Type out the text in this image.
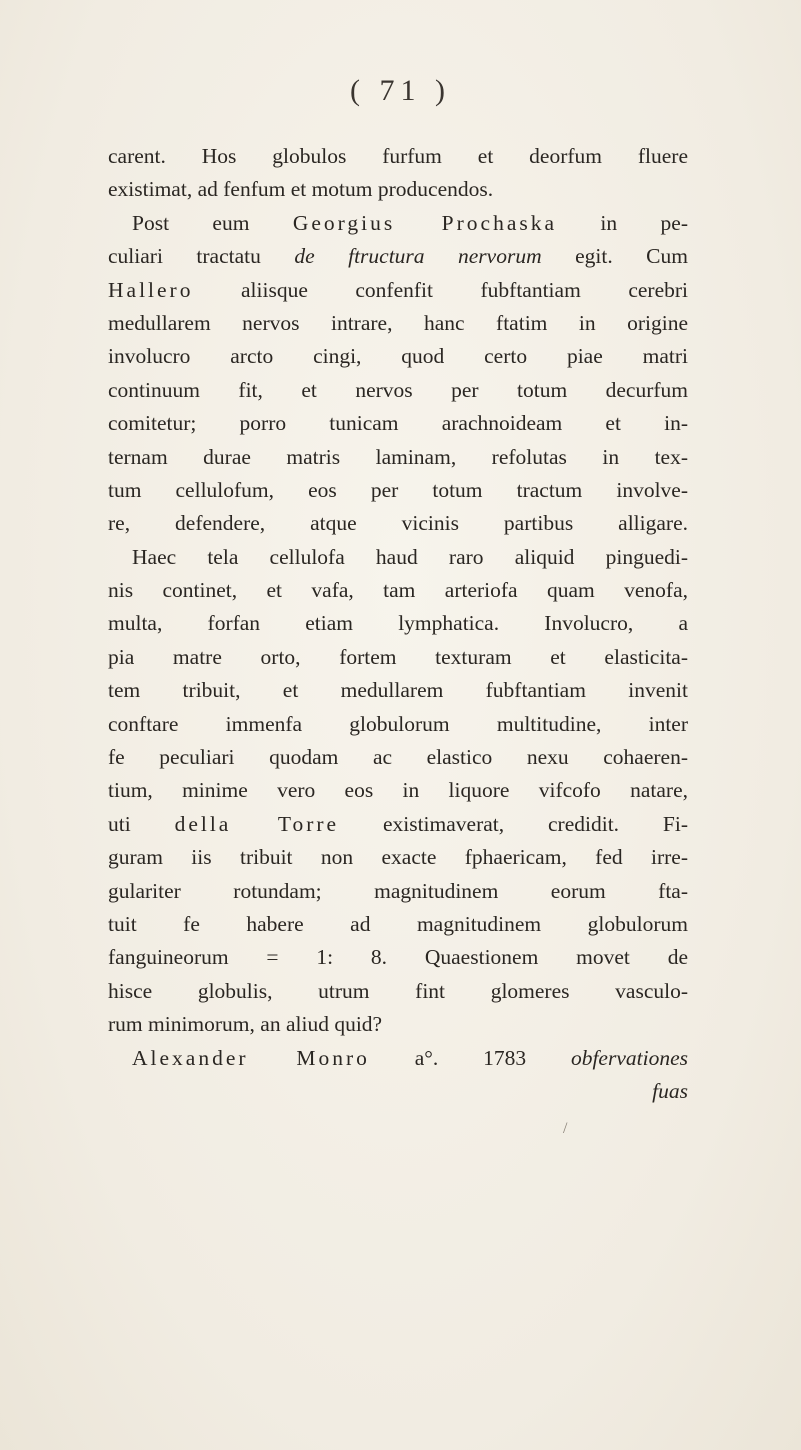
( 71 )
carent. Hos globulos furfum et deorfum fluere
existimat, ad fenfum et motum producendos.
Post eum Georgius Prochaska in pe-
culiari tractatu de ftructura nervorum egit. Cum
Hallero aliisque confenfit fubftantiam cerebri
medullarem nervos intrare, hanc ftatim in origine
involucro arcto cingi, quod certo piae matri
continuum fit, et nervos per totum decurfum
comitetur; porro tunicam arachnoideam et in-
ternam durae matris laminam, refolutas in tex-
tum cellulofum, eos per totum tractum involve-
re, defendere, atque vicinis partibus alligare.
Haec tela cellulofa haud raro aliquid pinguedi-
nis continet, et vafa, tam arteriofa quam venofa,
multa, forfan etiam lymphatica. Involucro, a
pia matre orto, fortem texturam et elasticita-
tem tribuit, et medullarem fubftantiam invenit
conftare immenfa globulorum multitudine, inter
fe peculiari quodam ac elastico nexu cohaeren-
tium, minime vero eos in liquore vifcofo natare,
uti della Torre existimaverat, credidit. Fi-
guram iis tribuit non exacte fphaericam, fed irre-
gulariter rotundam; magnitudinem eorum fta-
tuit fe habere ad magnitudinem globulorum
fanguineorum = 1: 8. Quaestionem movet de
hisce globulis, utrum fint glomeres vasculo-
rum minimorum, an aliud quid?
Alexander Monro a°. 1783 obfervationes
fuas
/
